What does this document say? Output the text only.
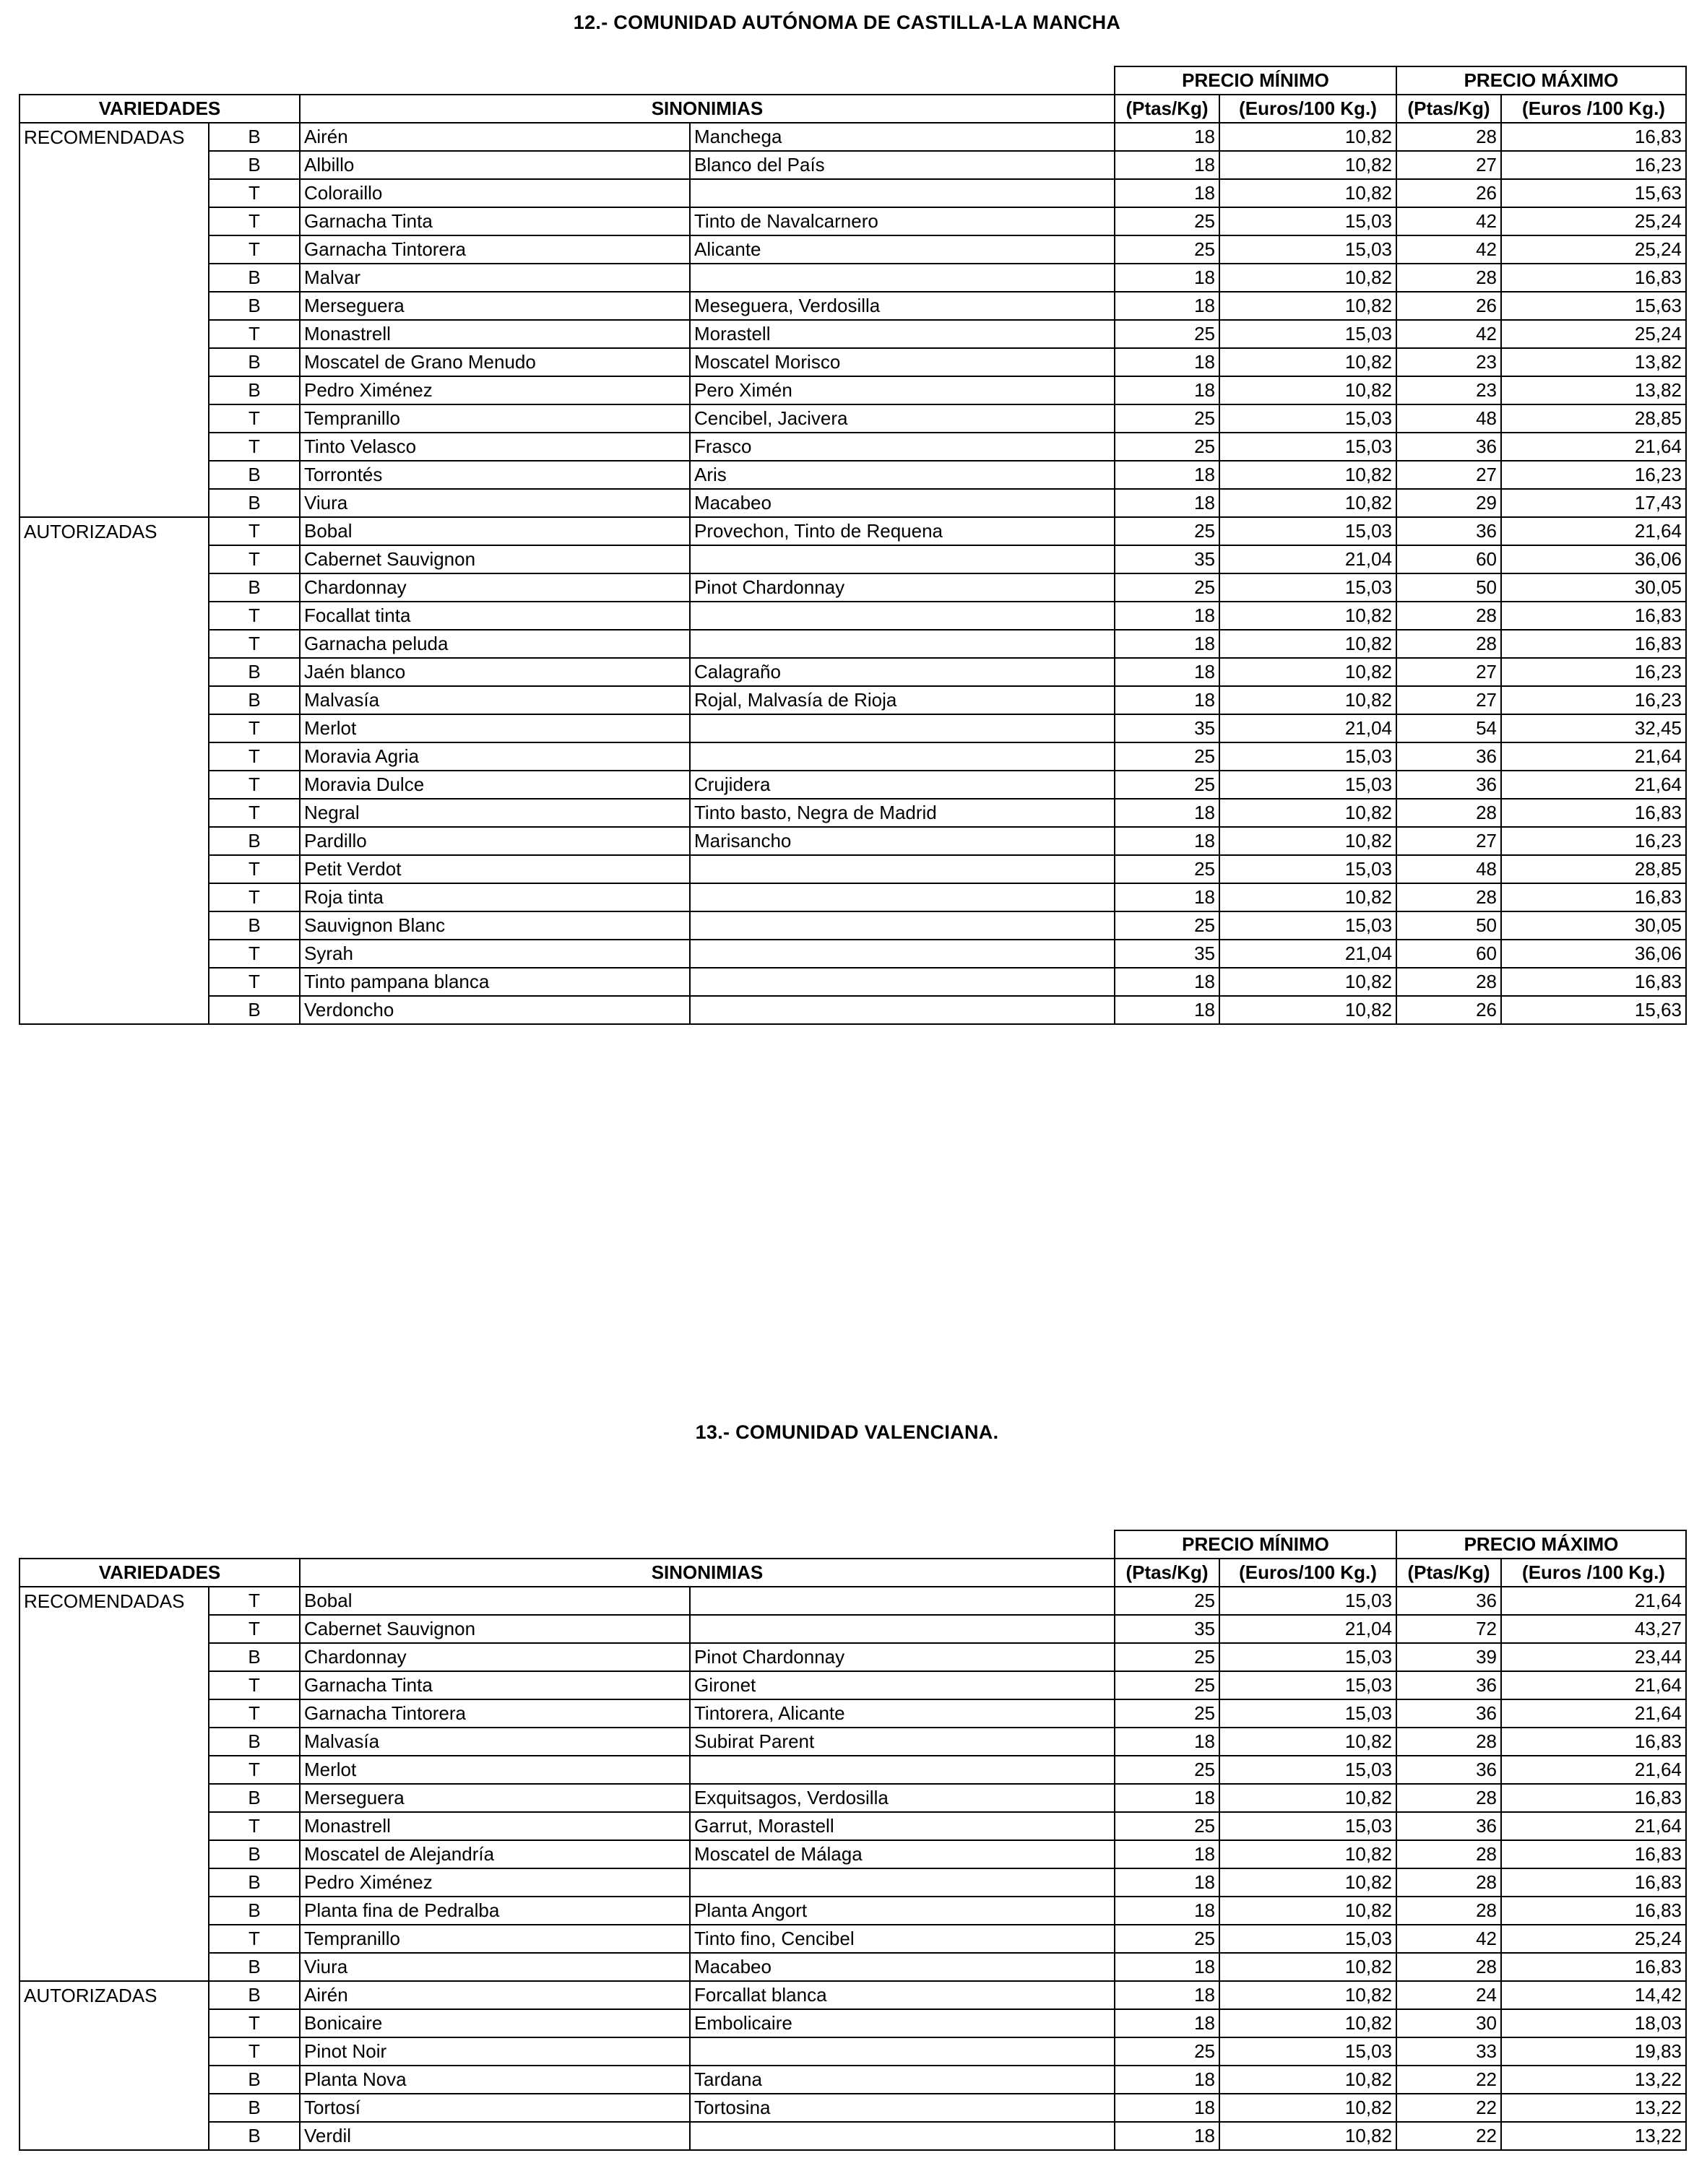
12.- COMUNIDAD AUTÓNOMA DE CASTILLA-LA MANCHA
				PRECIO MÍNIMO		PRECIO MÁXIMO	
VARIEDADES		SINONIMIAS		(Ptas/Kg)	(Euros/100 Kg.)	(Ptas/Kg)	(Euros /100 Kg.)
RECOMENDADAS	B	Airén	Manchega	18	10,82	28	16,83
	B	Albillo	Blanco del País	18	10,82	27	16,23
	T	Coloraillo		18	10,82	26	15,63
	T	Garnacha Tinta	Tinto de Navalcarnero	25	15,03	42	25,24
	T	Garnacha Tintorera	Alicante	25	15,03	42	25,24
	B	Malvar		18	10,82	28	16,83
	B	Merseguera	Meseguera, Verdosilla	18	10,82	26	15,63
	T	Monastrell	Morastell	25	15,03	42	25,24
	B	Moscatel de Grano Menudo	Moscatel Morisco	18	10,82	23	13,82
	B	Pedro Ximénez	Pero Ximén	18	10,82	23	13,82
	T	Tempranillo	Cencibel, Jacivera	25	15,03	48	28,85
	T	Tinto Velasco	Frasco	25	15,03	36	21,64
	B	Torrontés	Aris	18	10,82	27	16,23
	B	Viura	Macabeo	18	10,82	29	17,43
AUTORIZADAS	T	Bobal	Provechon, Tinto de Requena	25	15,03	36	21,64
	T	Cabernet Sauvignon		35	21,04	60	36,06
	B	Chardonnay	Pinot Chardonnay	25	15,03	50	30,05
	T	Focallat tinta		18	10,82	28	16,83
	T	Garnacha peluda		18	10,82	28	16,83
	B	Jaén blanco	Calagraño	18	10,82	27	16,23
	B	Malvasía	Rojal, Malvasía de Rioja	18	10,82	27	16,23
	T	Merlot		35	21,04	54	32,45
	T	Moravia Agria		25	15,03	36	21,64
	T	Moravia Dulce	Crujidera	25	15,03	36	21,64
	T	Negral	Tinto basto, Negra de Madrid	18	10,82	28	16,83
	B	Pardillo	Marisancho	18	10,82	27	16,23
	T	Petit Verdot		25	15,03	48	28,85
	T	Roja tinta		18	10,82	28	16,83
	B	Sauvignon Blanc		25	15,03	50	30,05
	T	Syrah		35	21,04	60	36,06
	T	Tinto pampana blanca		18	10,82	28	16,83
	B	Verdoncho		18	10,82	26	15,63
13.- COMUNIDAD VALENCIANA.
				PRECIO MÍNIMO		PRECIO MÁXIMO	
VARIEDADES		SINONIMIAS		(Ptas/Kg)	(Euros/100 Kg.)	(Ptas/Kg)	(Euros /100 Kg.)
RECOMENDADAS	T	Bobal		25	15,03	36	21,64
	T	Cabernet Sauvignon		35	21,04	72	43,27
	B	Chardonnay	Pinot Chardonnay	25	15,03	39	23,44
	T	Garnacha Tinta	Gironet	25	15,03	36	21,64
	T	Garnacha Tintorera	Tintorera, Alicante	25	15,03	36	21,64
	B	Malvasía	Subirat Parent	18	10,82	28	16,83
	T	Merlot		25	15,03	36	21,64
	B	Merseguera	Exquitsagos, Verdosilla	18	10,82	28	16,83
	T	Monastrell	Garrut, Morastell	25	15,03	36	21,64
	B	Moscatel de Alejandría	Moscatel de Málaga	18	10,82	28	16,83
	B	Pedro Ximénez		18	10,82	28	16,83
	B	Planta fina de Pedralba	Planta Angort	18	10,82	28	16,83
	T	Tempranillo	Tinto fino, Cencibel	25	15,03	42	25,24
	B	Viura	Macabeo	18	10,82	28	16,83
AUTORIZADAS	B	Airén	Forcallat blanca	18	10,82	24	14,42
	T	Bonicaire	Embolicaire	18	10,82	30	18,03
	T	Pinot Noir		25	15,03	33	19,83
	B	Planta Nova	Tardana	18	10,82	22	13,22
	B	Tortosí	Tortosina	18	10,82	22	13,22
	B	Verdil		18	10,82	22	13,22
